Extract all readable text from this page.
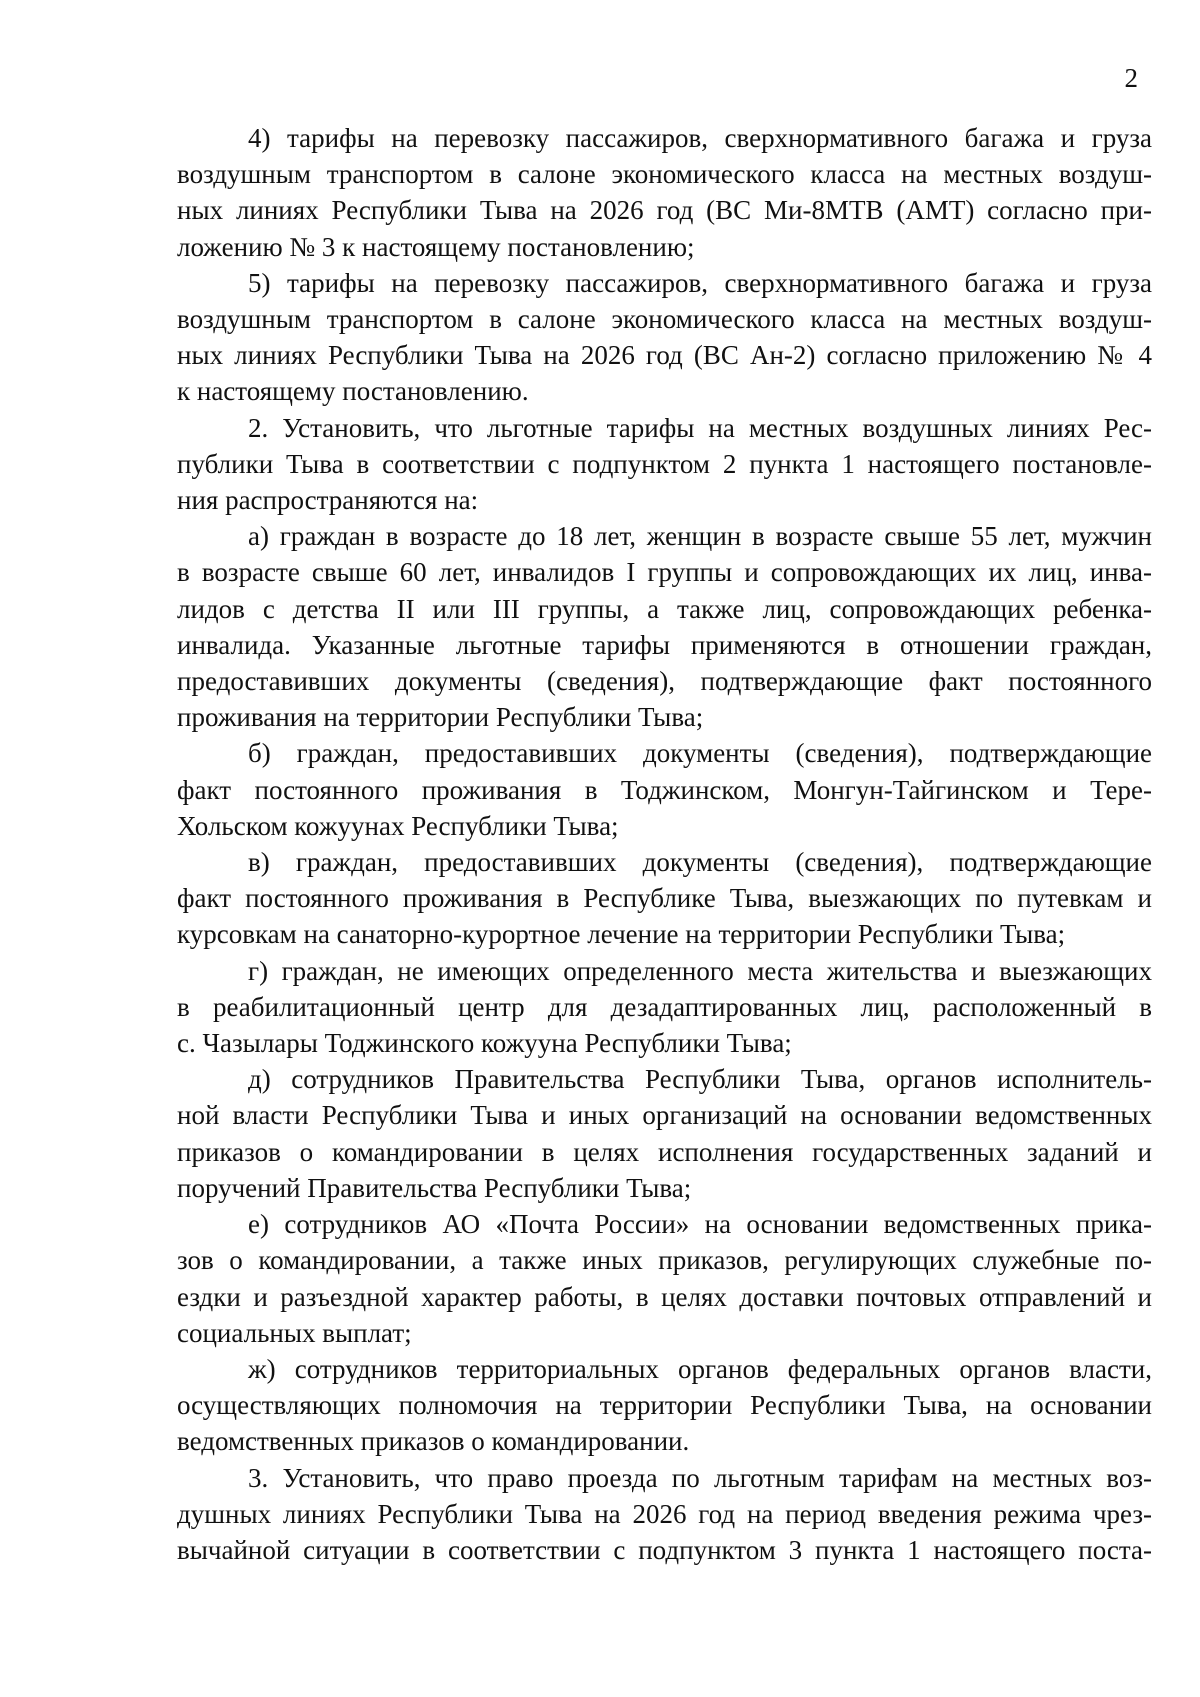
2
4) тарифы на перевозку пассажиров, сверхнормативного багажа и груза
воздушным транспортом в салоне экономического класса на местных воздуш-
ных линиях Республики Тыва на 2026 год (ВС Ми-8МТВ (АМТ) согласно при-
ложению № 3 к настоящему постановлению;
5) тарифы на перевозку пассажиров, сверхнормативного багажа и груза
воздушным транспортом в салоне экономического класса на местных воздуш-
ных линиях Республики Тыва на 2026 год (ВС Ан-2) согласно приложению № 4
к настоящему постановлению.
2. Установить, что льготные тарифы на местных воздушных линиях Рес-
публики Тыва в соответствии с подпунктом 2 пункта 1 настоящего постановле-
ния распространяются на:
а) граждан в возрасте до 18 лет, женщин в возрасте свыше 55 лет, мужчин
в возрасте свыше 60 лет, инвалидов I группы и сопровождающих их лиц, инва-
лидов с детства II или III группы, а также лиц, сопровождающих ребенка-
инвалида. Указанные льготные тарифы применяются в отношении граждан,
предоставивших документы (сведения), подтверждающие факт постоянного
проживания на территории Республики Тыва;
б) граждан, предоставивших документы (сведения), подтверждающие
факт постоянного проживания в Тоджинском, Монгун-Тайгинском и Тере-
Хольском кожуунах Республики Тыва;
в) граждан, предоставивших документы (сведения), подтверждающие
факт постоянного проживания в Республике Тыва, выезжающих по путевкам и
курсовкам на санаторно-курортное лечение на территории Республики Тыва;
г) граждан, не имеющих определенного места жительства и выезжающих
в реабилитационный центр для дезадаптированных лиц, расположенный в
с. Чазылары Тоджинского кожууна Республики Тыва;
д) сотрудников Правительства Республики Тыва, органов исполнитель-
ной власти Республики Тыва и иных организаций на основании ведомственных
приказов о командировании в целях исполнения государственных заданий и
поручений Правительства Республики Тыва;
е) сотрудников АО «Почта России» на основании ведомственных прика-
зов о командировании, а также иных приказов, регулирующих служебные по-
ездки и разъездной характер работы, в целях доставки почтовых отправлений и
социальных выплат;
ж) сотрудников территориальных органов федеральных органов власти,
осуществляющих полномочия на территории Республики Тыва, на основании
ведомственных приказов о командировании.
3. Установить, что право проезда по льготным тарифам на местных воз-
душных линиях Республики Тыва на 2026 год на период введения режима чрез-
вычайной ситуации в соответствии с подпунктом 3 пункта 1 настоящего поста-
